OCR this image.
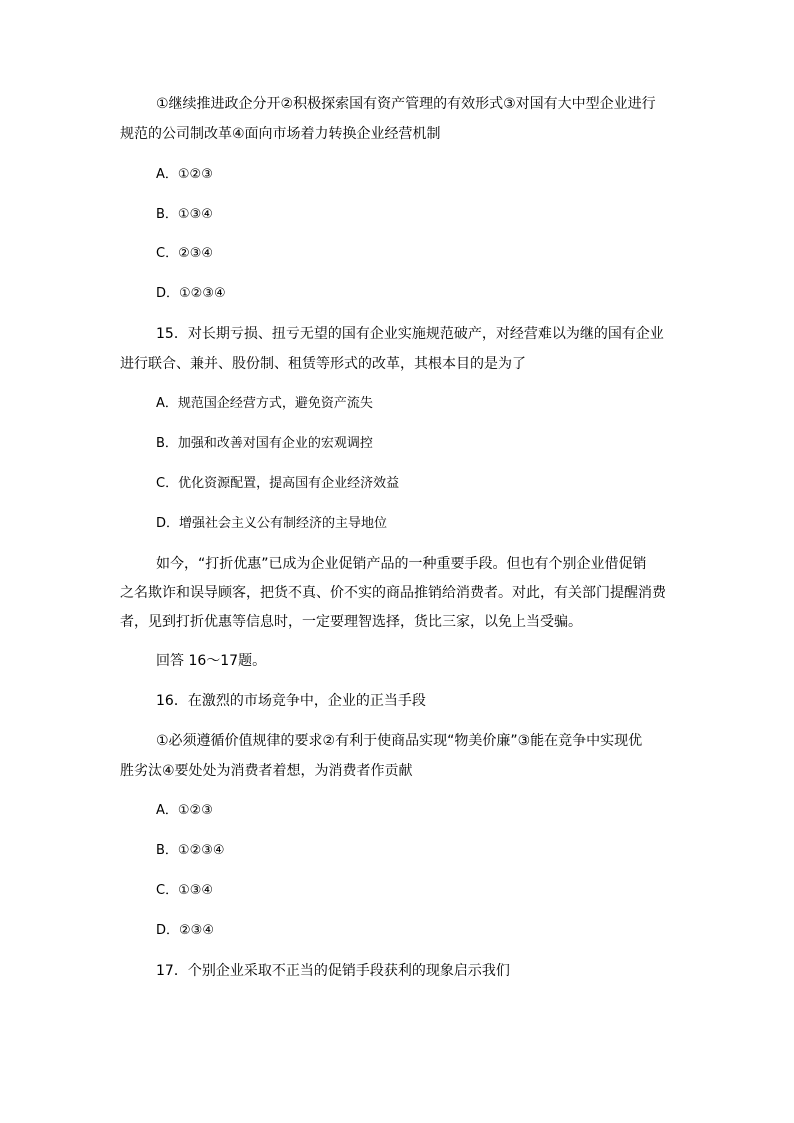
①继续推进政企分开②积极探索国有资产管理的有效形式③对国有大中型企业进行
规范的公司制改革④面向市场着力转换企业经营机制
A．①②③
B．①③④
C．②③④
D．①②③④
15．对长期亏损、扭亏无望的国有企业实施规范破产，对经营难以为继的国有企业
进行联合、兼并、股份制、租赁等形式的改革，其根本目的是为了
A．规范国企经营方式，避免资产流失
B．加强和改善对国有企业的宏观调控
C．优化资源配置，提高国有企业经济效益
D．增强社会主义公有制经济的主导地位
如今，“打折优惠”已成为企业促销产品的一种重要手段。但也有个别企业借促销
之名欺诈和误导顾客，把货不真、价不实的商品推销给消费者。对此，有关部门提醒消费
者，见到打折优惠等信息时，一定要理智选择，货比三家，以免上当受骗。
回答 16～17题。
16．在激烈的市场竞争中，企业的正当手段
①必须遵循价值规律的要求②有利于使商品实现“物美价廉”③能在竞争中实现优
胜劣汰④要处处为消费者着想，为消费者作贡献
A．①②③
B．①②③④
C．①③④
D．②③④
17．个别企业采取不正当的促销手段获利的现象启示我们
